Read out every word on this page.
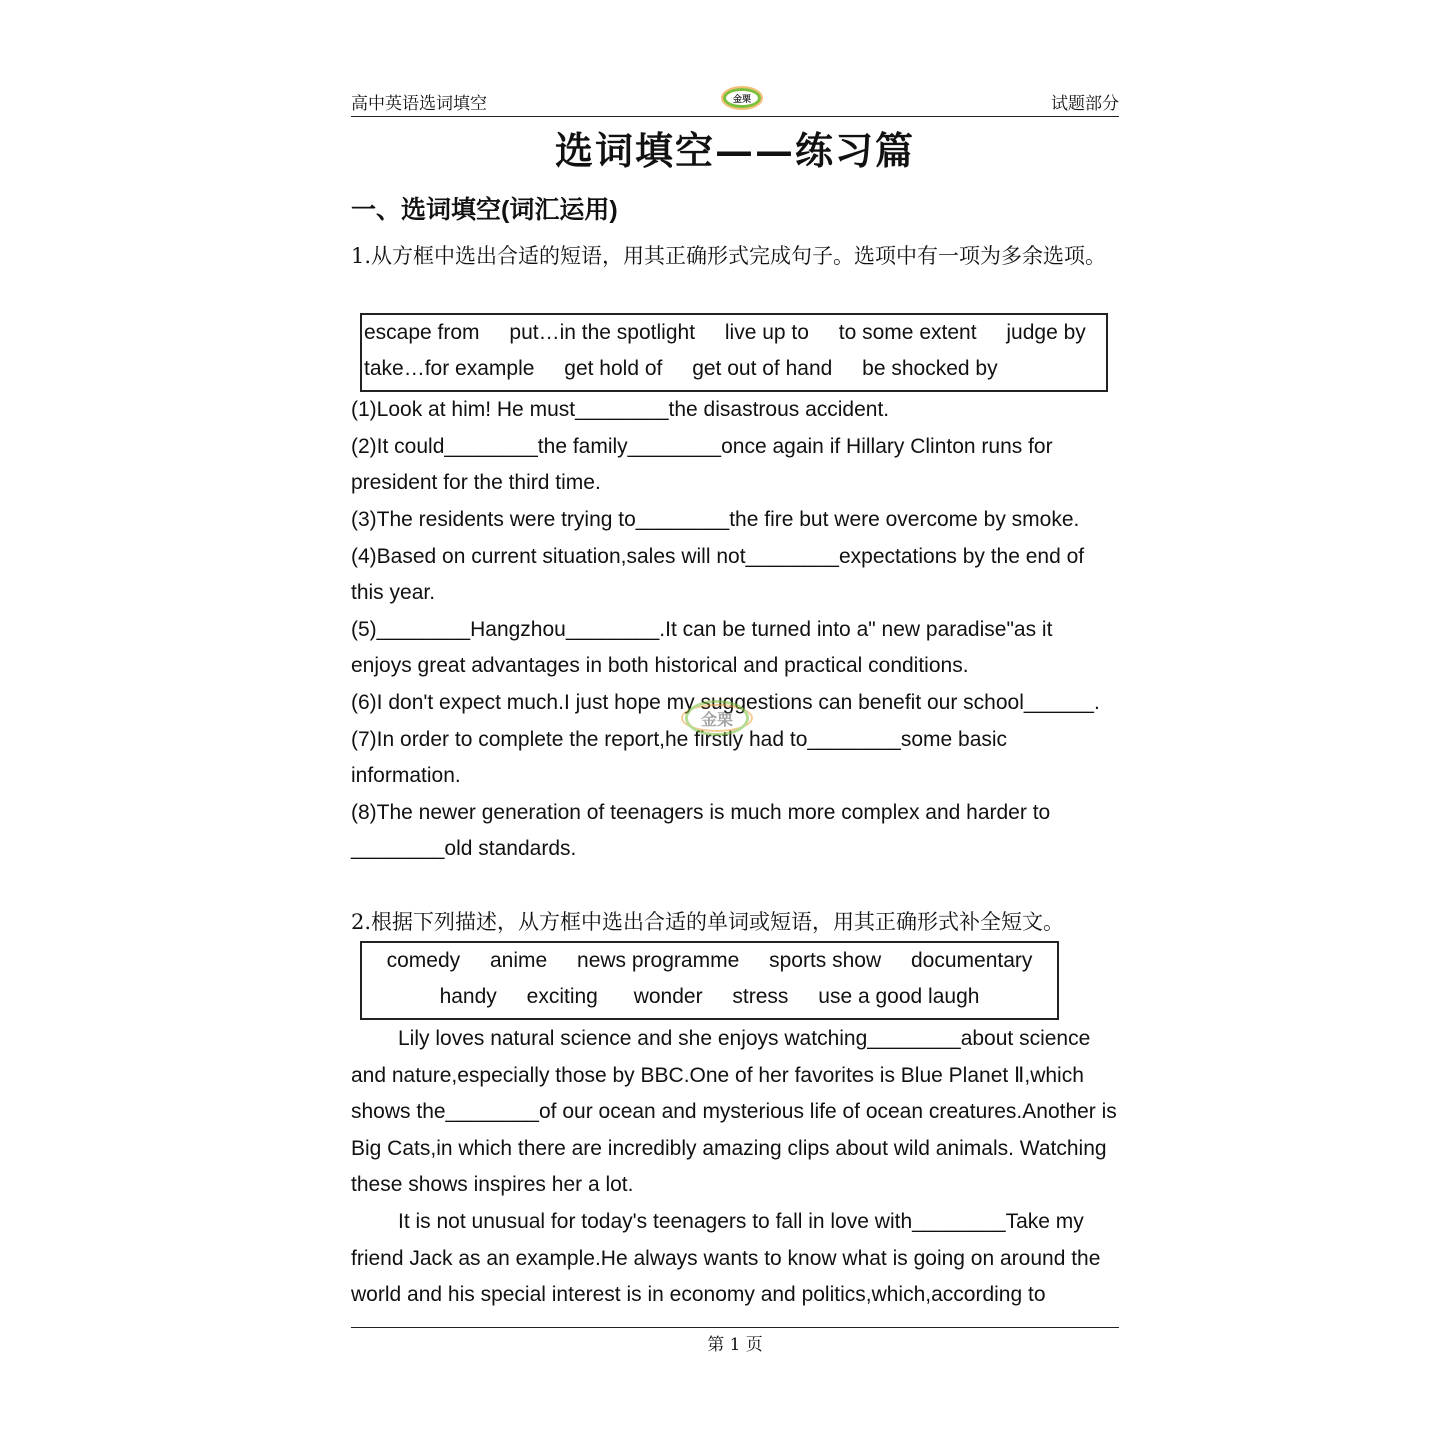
高中英语选词填空	金栗	试题部分
选词填空——练习篇
一、选词填空(词汇运用)
1.从方框中选出合适的短语，用其正确形式完成句子。选项中有一项为多余选项。
escape from put…in the spotlight live up to to some extent judge by
take…for example get hold of get out of hand be shocked by
(1)Look at him! He must________the disastrous accident.
(2)It could________the family________once again if Hillary Clinton runs for
president for the third time.
(3)The residents were trying to________the fire but were overcome by smoke.
(4)Based on current situation,sales will not________expectations by the end of
this year.
(5)________Hangzhou________.It can be turned into a" new paradise"as it
enjoys great advantages in both historical and practical conditions.
(6)I don't expect much.I just hope my suggestions can benefit our school______.
(7)In order to complete the report,he firstly had to________some basic
information.
(8)The newer generation of teenagers is much more complex and harder to
________old standards.
金栗
2.根据下列描述，从方框中选出合适的单词或短语，用其正确形式补全短文。
comedy anime news programme sports show documentary
handy exciting wonder stress use a good laugh
Lily loves natural science and she enjoys watching________about science and nature,especially those by BBC.One of her favorites is Blue Planet Ⅱ,which shows the________of our ocean and mysterious life of ocean creatures.Another is Big Cats,in which there are incredibly amazing clips about wild animals. Watching these shows inspires her a lot.
It is not unusual for today's teenagers to fall in love with________Take my friend Jack as an example.He always wants to know what is going on around the world and his special interest is in economy and politics,which,according to
第 1 页
